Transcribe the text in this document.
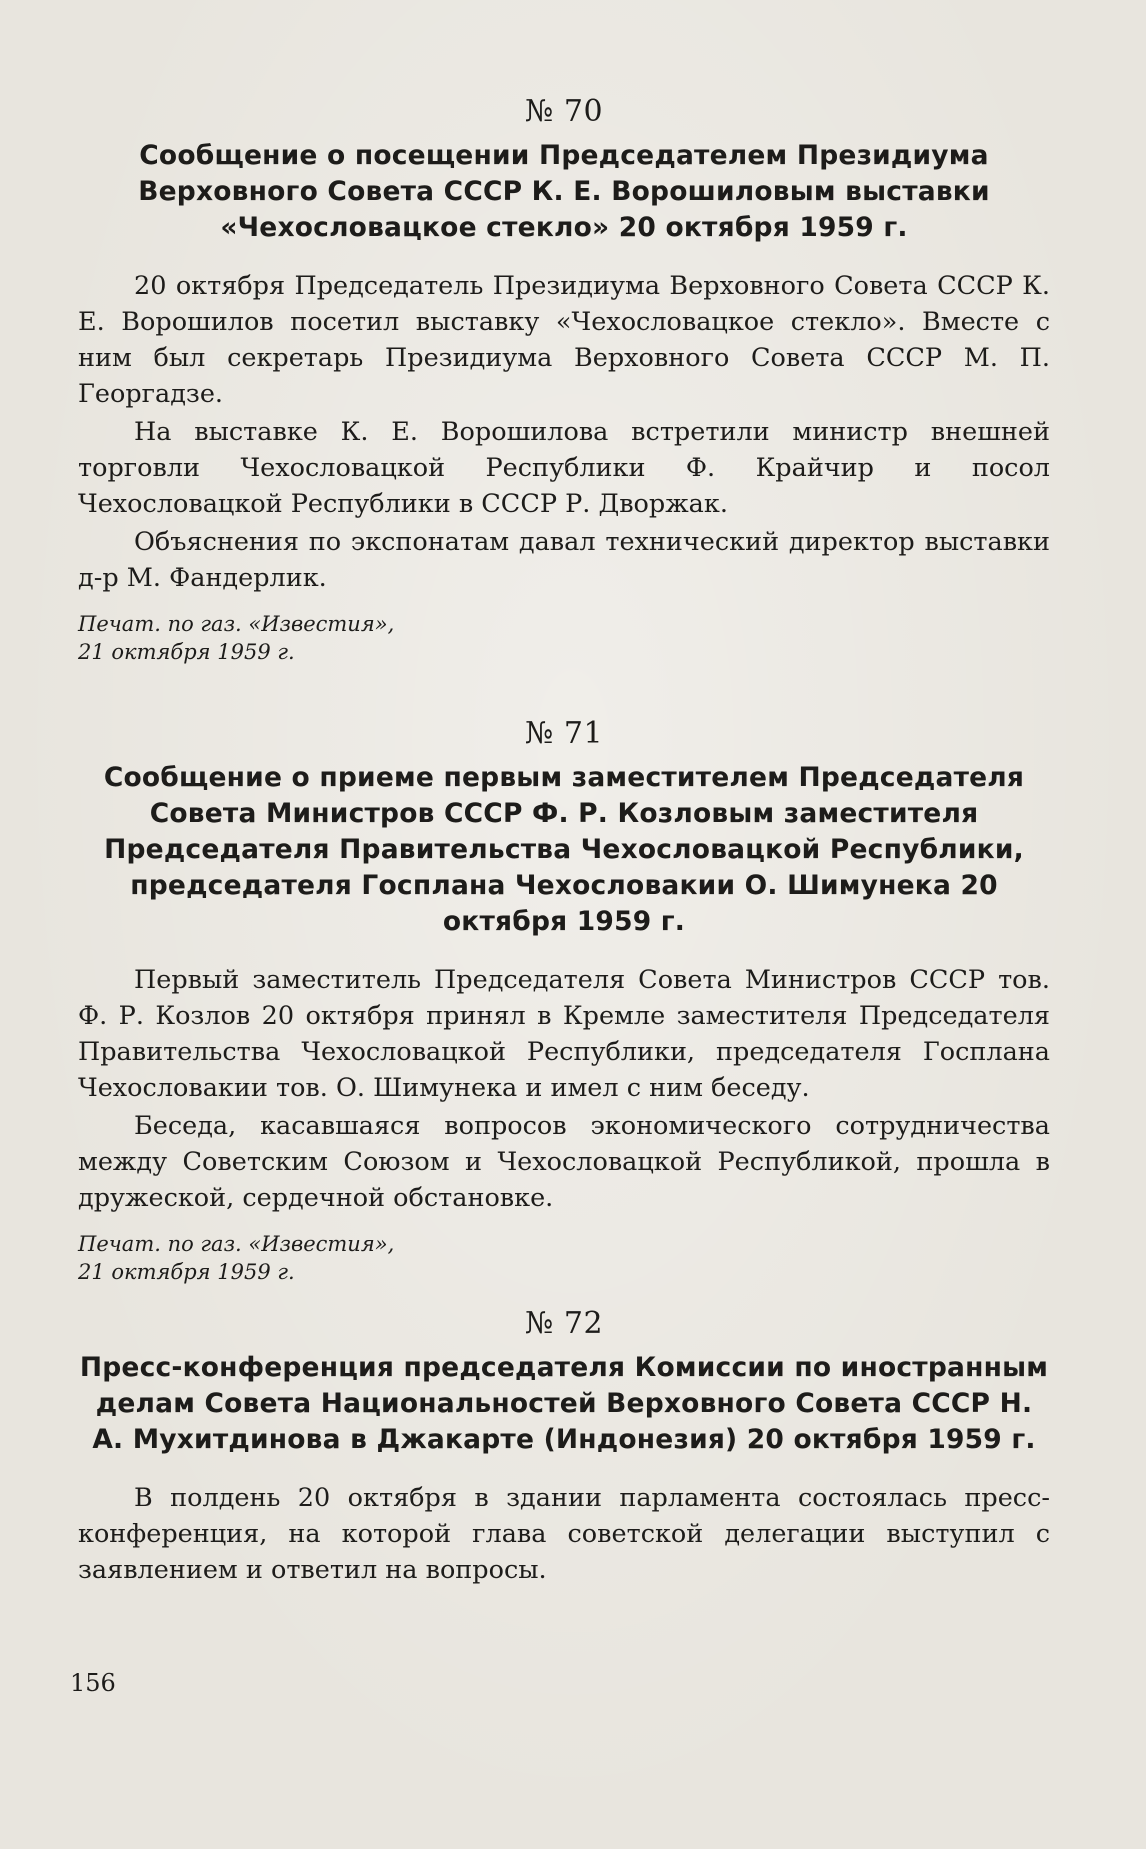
№ 70
Сообщение о посещении Председателем Президиума Верховного Совета СССР К. Е. Ворошиловым выставки «Чехословацкое стекло» 20 октября 1959 г.

20 октября Председатель Президиума Верховного Совета СССР К. Е. Ворошилов посетил выставку «Чехословацкое стекло». Вместе с ним был секретарь Президиума Верховного Совета СССР М. П. Георгадзе.

На выставке К. Е. Ворошилова встретили министр внешней торговли Чехословацкой Республики Ф. Крайчир и посол Чехословацкой Республики в СССР Р. Дворжак.

Объяснения по экспонатам давал технический директор выставки д-р М. Фандерлик.

Печат. по газ. «Известия»,
21 октября 1959 г.
№ 71
Сообщение о приеме первым заместителем Председателя Совета Министров СССР Ф. Р. Козловым заместителя Председателя Правительства Чехословацкой Республики, председателя Госплана Чехословакии О. Шимунека 20 октября 1959 г.

Первый заместитель Председателя Совета Министров СССР тов. Ф. Р. Козлов 20 октября принял в Кремле заместителя Председателя Правительства Чехословацкой Республики, председателя Госплана Чехословакии тов. О. Шимунека и имел с ним беседу.

Беседа, касавшаяся вопросов экономического сотрудничества между Советским Союзом и Чехословацкой Республикой, прошла в дружеской, сердечной обстановке.

Печат. по газ. «Известия»,
21 октября 1959 г.
№ 72
Пресс-конференция председателя Комиссии по иностранным делам Совета Национальностей Верховного Совета СССР Н. А. Мухитдинова в Джакарте (Индонезия) 20 октября 1959 г.

В полдень 20 октября в здании парламента состоялась пресс-конференция, на которой глава советской делегации выступил с заявлением и ответил на вопросы.

156
